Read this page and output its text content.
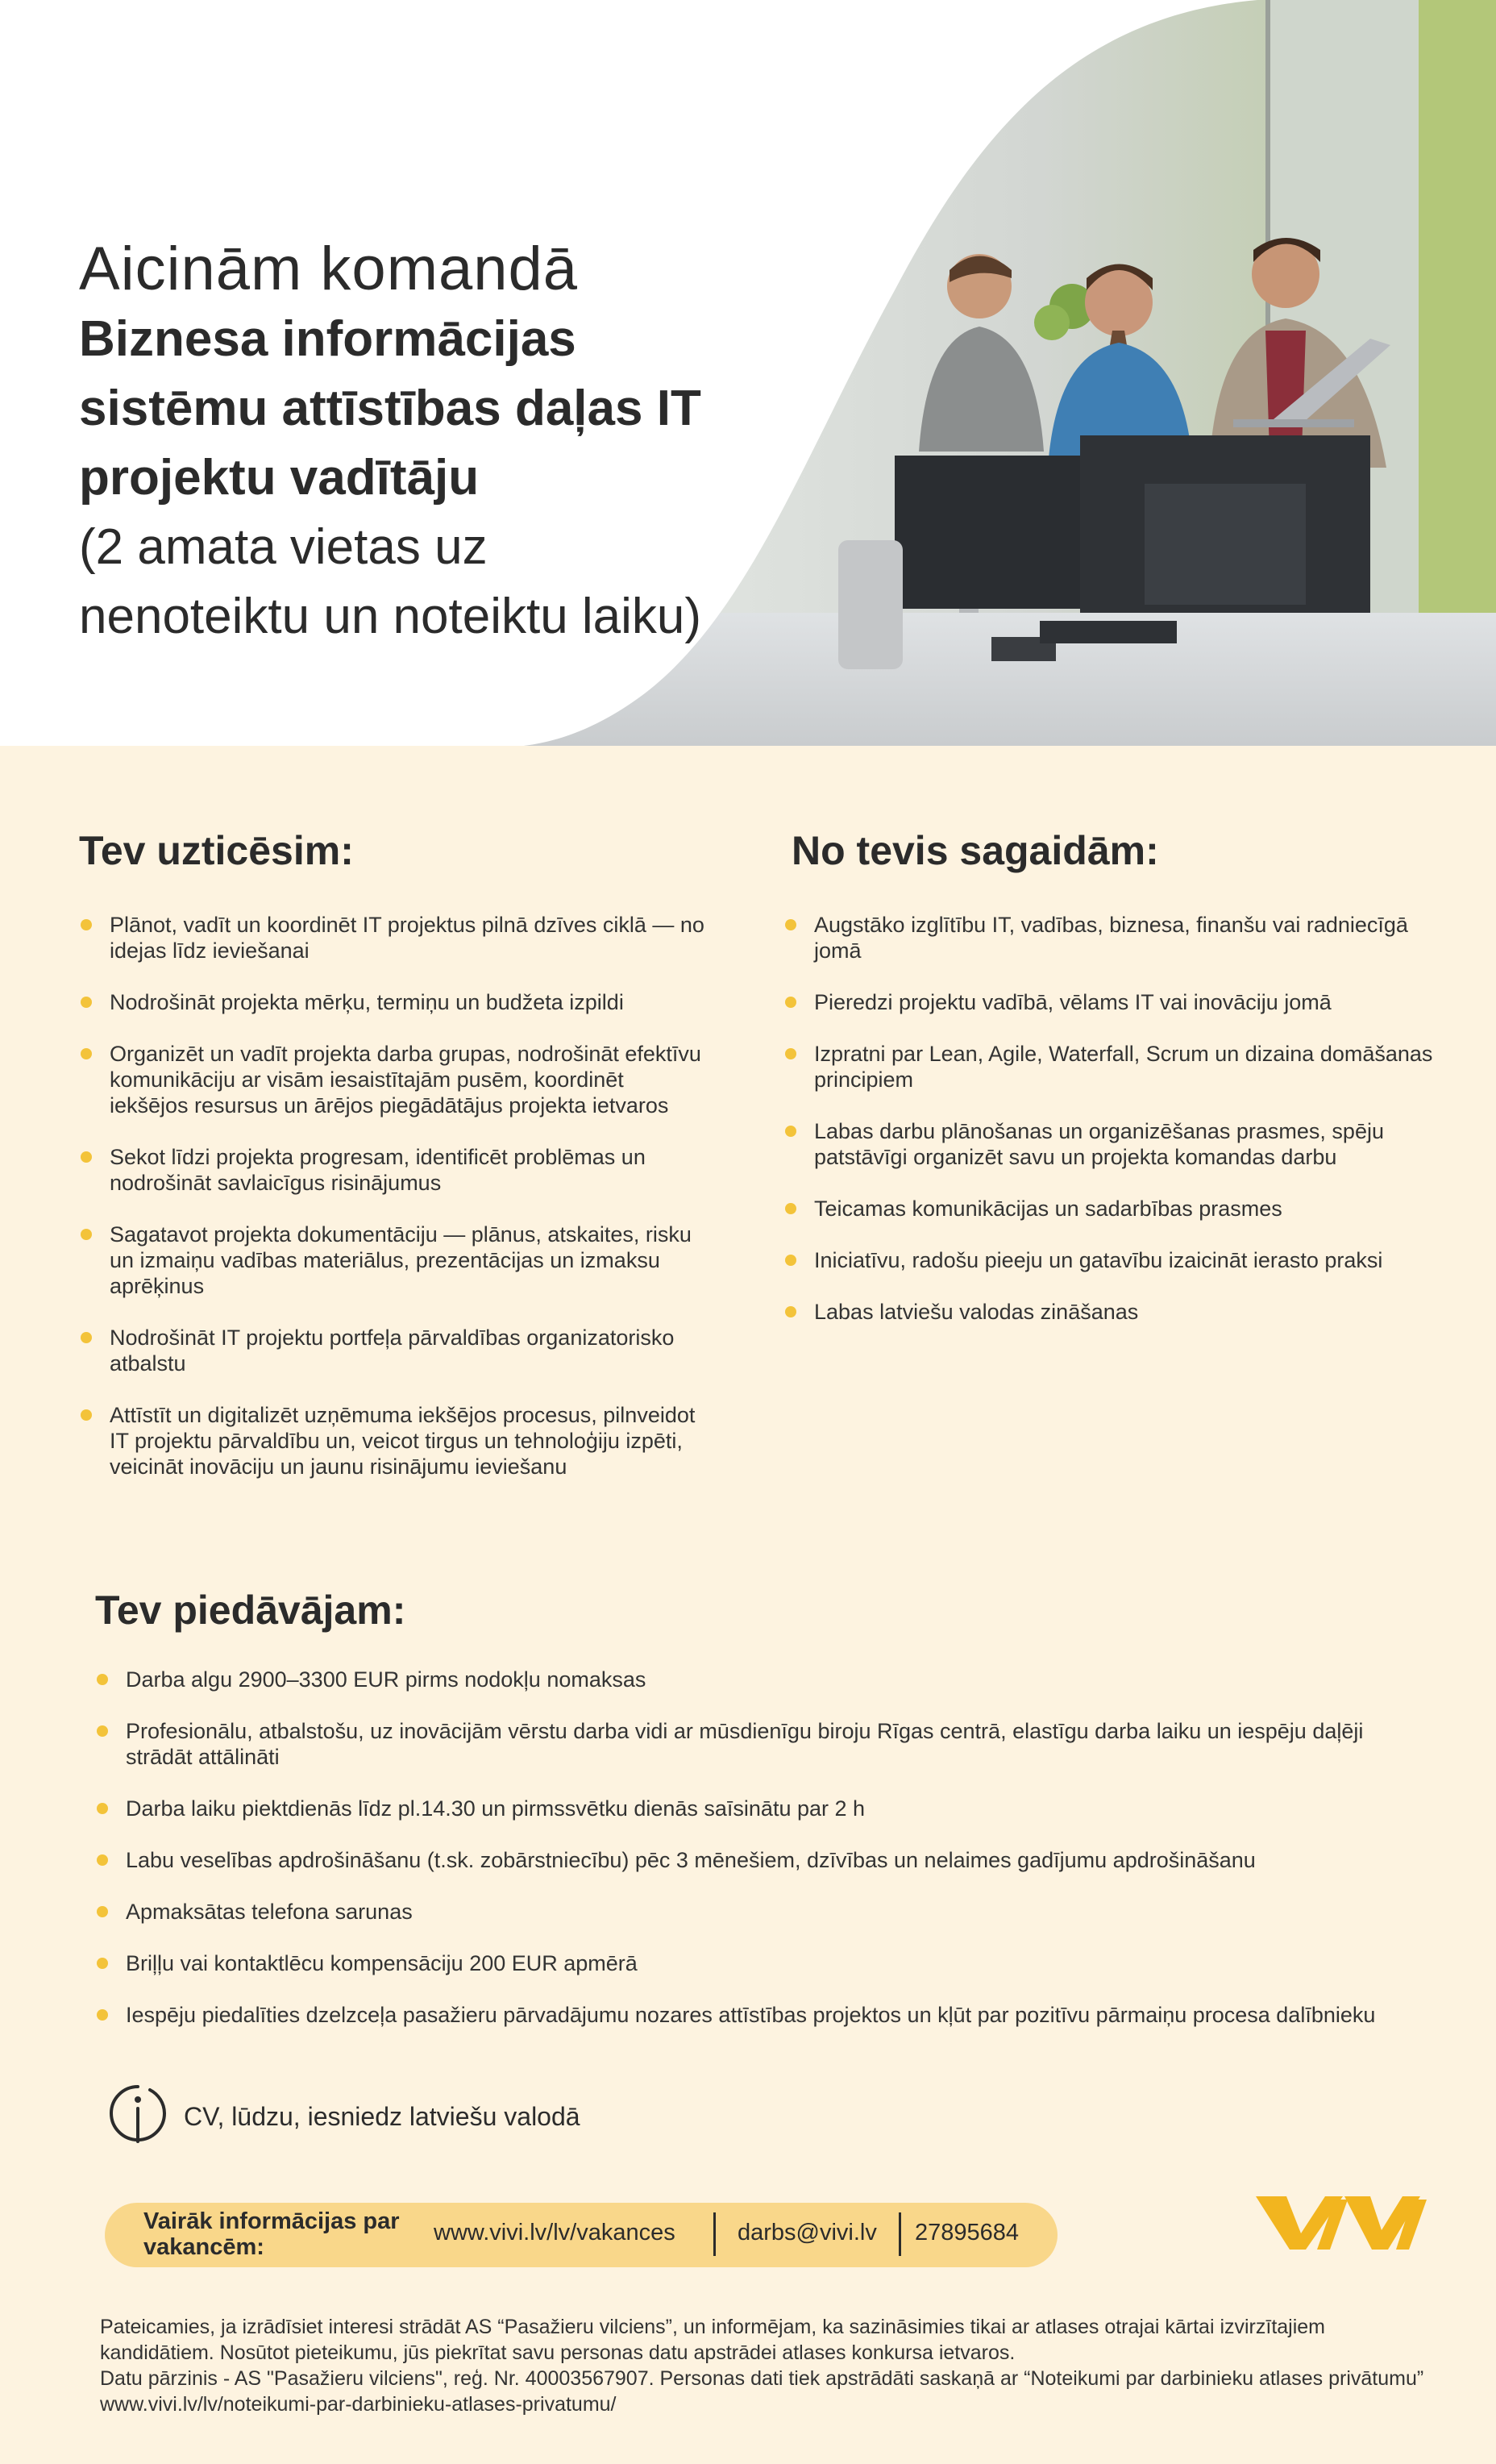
Aicinām komandā
Biznesa informācijas
sistēmu attīstības daļas IT
projektu vadītāju
(2 amata vietas uz
nenoteiktu un noteiktu laiku)
Tev uzticēsim:
Plānot, vadīt un koordinēt IT projektus pilnā dzīves ciklā — no idejas līdz ieviešanai
Nodrošināt projekta mērķu, termiņu un budžeta izpildi
Organizēt un vadīt projekta darba grupas, nodrošināt efektīvu komunikāciju ar visām iesaistītajām pusēm, koordinēt iekšējos resursus un ārējos piegādātājus projekta ietvaros
Sekot līdzi projekta progresam, identificēt problēmas un nodrošināt savlaicīgus risinājumus
Sagatavot projekta dokumentāciju — plānus, atskaites, risku un izmaiņu vadības materiālus, prezentācijas un izmaksu aprēķinus
Nodrošināt IT projektu portfeļa pārvaldības organizatorisko atbalstu
Attīstīt un digitalizēt uzņēmuma iekšējos procesus, pilnveidot IT projektu pārvaldību un, veicot tirgus un tehnoloģiju izpēti, veicināt inovāciju un jaunu risinājumu ieviešanu
No tevis sagaidām:
Augstāko izglītību IT, vadības, biznesa, finanšu vai radniecīgā jomā
Pieredzi projektu vadībā, vēlams IT vai inovāciju jomā
Izpratni par Lean, Agile, Waterfall, Scrum un dizaina domāšanas principiem
Labas darbu plānošanas un organizēšanas prasmes, spēju patstāvīgi organizēt savu un projekta komandas darbu
Teicamas komunikācijas un sadarbības prasmes
Iniciatīvu, radošu pieeju un gatavību izaicināt ierasto praksi
Labas latviešu valodas zināšanas
Tev piedāvājam:
Darba algu 2900–3300 EUR pirms nodokļu nomaksas
Profesionālu, atbalstošu, uz inovācijām vērstu darba vidi ar mūsdienīgu biroju Rīgas centrā, elastīgu darba laiku un iespēju daļēji strādāt attālināti
Darba laiku piektdienās līdz pl.14.30 un pirmssvētku dienās saīsinātu par 2 h
Labu veselības apdrošināšanu (t.sk. zobārstniecību) pēc 3 mēnešiem, dzīvības un nelaimes gadījumu apdrošināšanu
Apmaksātas telefona sarunas
Briļļu vai kontaktlēcu kompensāciju 200 EUR apmērā
Iespēju piedalīties dzelzceļa pasažieru pārvadājumu nozares attīstības projektos un kļūt par pozitīvu pārmaiņu procesa dalībnieku
CV, lūdzu, iesniedz latviešu valodā
Vairāk informācijas par vakancēm:
www.vivi.lv/lv/vakances	darbs@vivi.lv 27895684

Pateicamies, ja izrādīsiet interesi strādāt AS “Pasažieru vilciens”, un informējam, ka sazināsimies tikai ar atlases otrajai kārtai izvirzītajiem kandidātiem. Nosūtot pieteikumu, jūs piekrītat savu personas datu apstrādei atlases konkursa ietvaros.

Datu pārzinis - AS "Pasažieru vilciens", reģ. Nr. 40003567907. Personas dati tiek apstrādāti saskaņā ar “Noteikumi par darbinieku atlases privātumu” www.vivi.lv/lv/noteikumi-par-darbinieku-atlases-privatumu/
